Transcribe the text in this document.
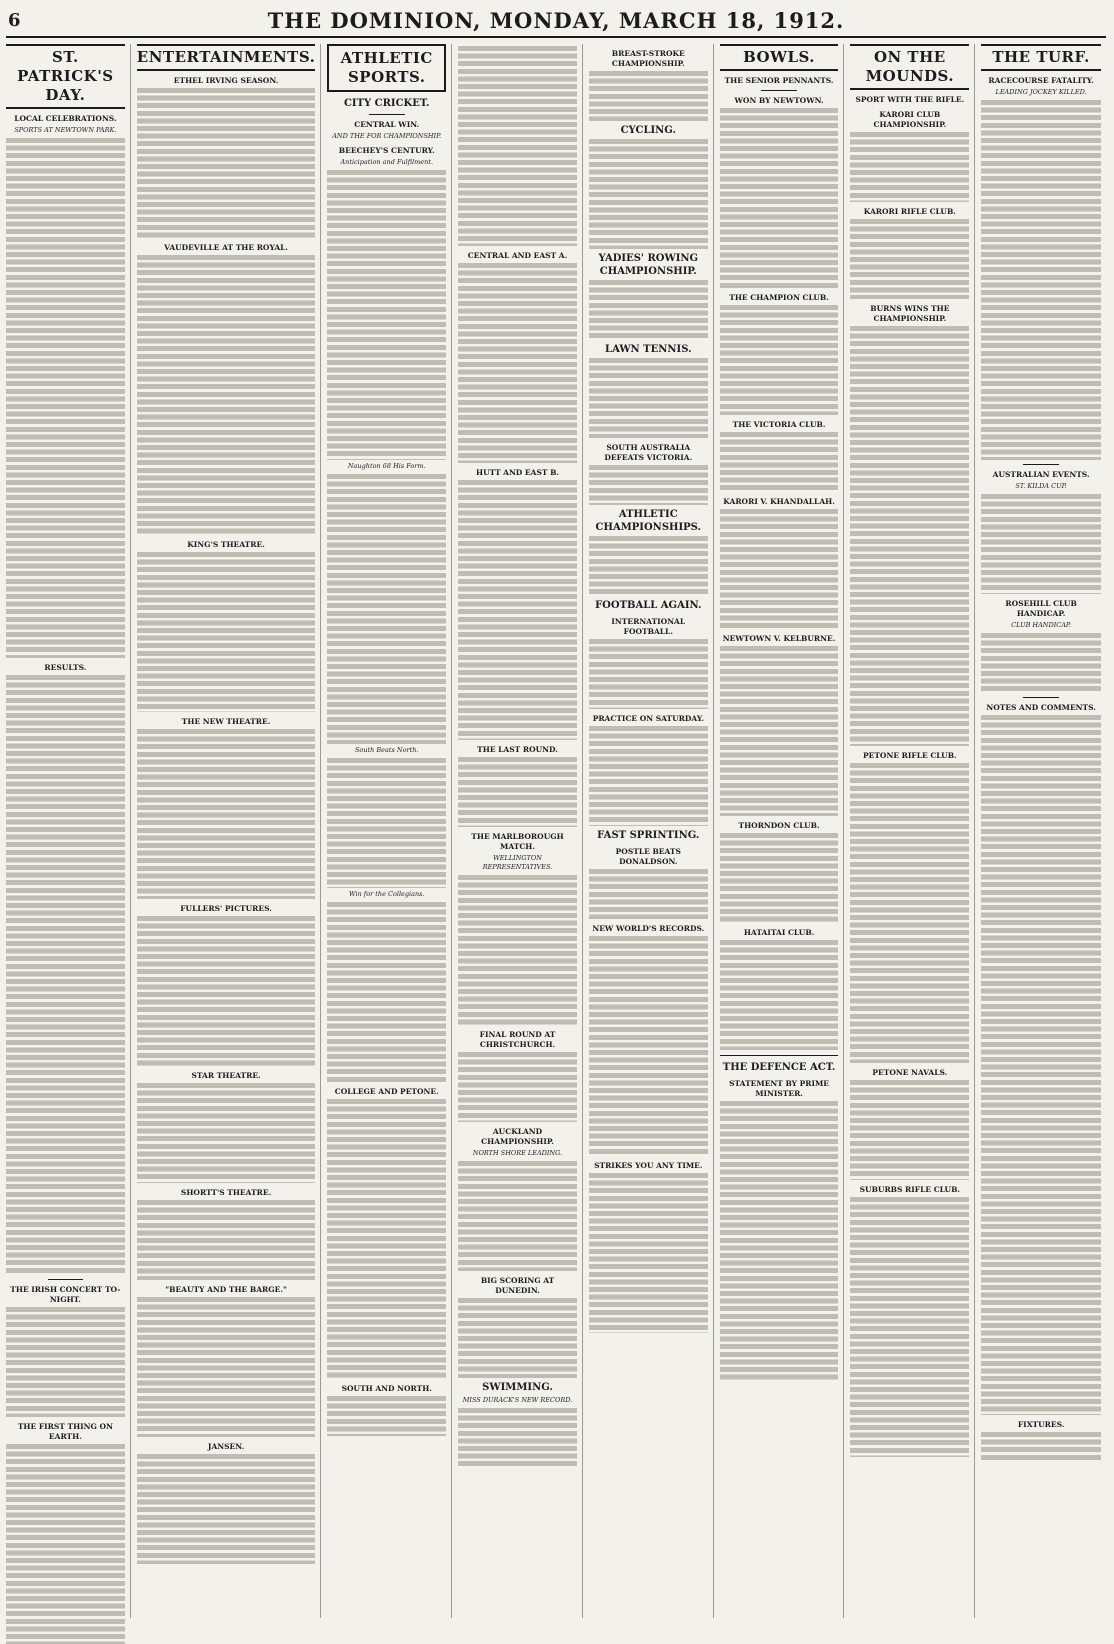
6	THE DOMINION, MONDAY, MARCH 18, 1912.
ST. PATRICK'S DAY.
LOCAL CELEBRATIONS.
SPORTS AT NEWTOWN PARK.
RESULTS.
THE IRISH CONCERT TO-NIGHT.
THE FIRST THING ON EARTH.
ENTERTAINMENTS.
ETHEL IRVING SEASON.
VAUDEVILLE AT THE ROYAL.
KING'S THEATRE.
THE NEW THEATRE.
FULLERS' PICTURES.
STAR THEATRE.
SHORTT'S THEATRE.
"BEAUTY AND THE BARGE."
JANSEN.
ATHLETIC SPORTS.
CITY CRICKET.
CENTRAL WIN.
AND THE FOR CHAMPIONSHIP.
BEECHEY'S CENTURY.
Anticipation and Fulfilment.
Naughton 68 His Form.
South Beats North.
Win for the Collegians.
COLLEGE AND PETONE.
SOUTH AND NORTH.
CENTRAL AND EAST A.
HUTT AND EAST B.
THE LAST ROUND.
THE MARLBOROUGH MATCH.
WELLINGTON REPRESENTATIVES.
FINAL ROUND AT CHRISTCHURCH.
AUCKLAND CHAMPIONSHIP.
NORTH SHORE LEADING.
BIG SCORING AT DUNEDIN.
SWIMMING.
MISS DURACK'S NEW RECORD.
BREAST-STROKE CHAMPIONSHIP.
CYCLING.
YADIES' ROWING CHAMPIONSHIP.
LAWN TENNIS.
SOUTH AUSTRALIA DEFEATS VICTORIA.
ATHLETIC CHAMPIONSHIPS.
FOOTBALL AGAIN.
INTERNATIONAL FOOTBALL.
PRACTICE ON SATURDAY.
FAST SPRINTING.
POSTLE BEATS DONALDSON.
NEW WORLD'S RECORDS.
STRIKES YOU ANY TIME.
BOWLS.
THE SENIOR PENNANTS.
WON BY NEWTOWN.
THE CHAMPION CLUB.
THE VICTORIA CLUB.
KARORI V. KHANDALLAH.
NEWTOWN V. KELBURNE.
THORNDON CLUB.
HATAITAI CLUB.
THE DEFENCE ACT.
STATEMENT BY PRIME MINISTER.
ON THE MOUNDS.
SPORT WITH THE RIFLE.
KARORI CLUB CHAMPIONSHIP.
KARORI RIFLE CLUB.
BURNS WINS THE CHAMPIONSHIP.
PETONE RIFLE CLUB.
PETONE NAVALS.
SUBURBS RIFLE CLUB.
THE TURF.
RACECOURSE FATALITY.
LEADING JOCKEY KILLED.
AUSTRALIAN EVENTS.
ST. KILDA CUP.
ROSEHILL CLUB HANDICAP.
CLUB HANDICAP.
NOTES AND COMMENTS.
FIXTURES.
